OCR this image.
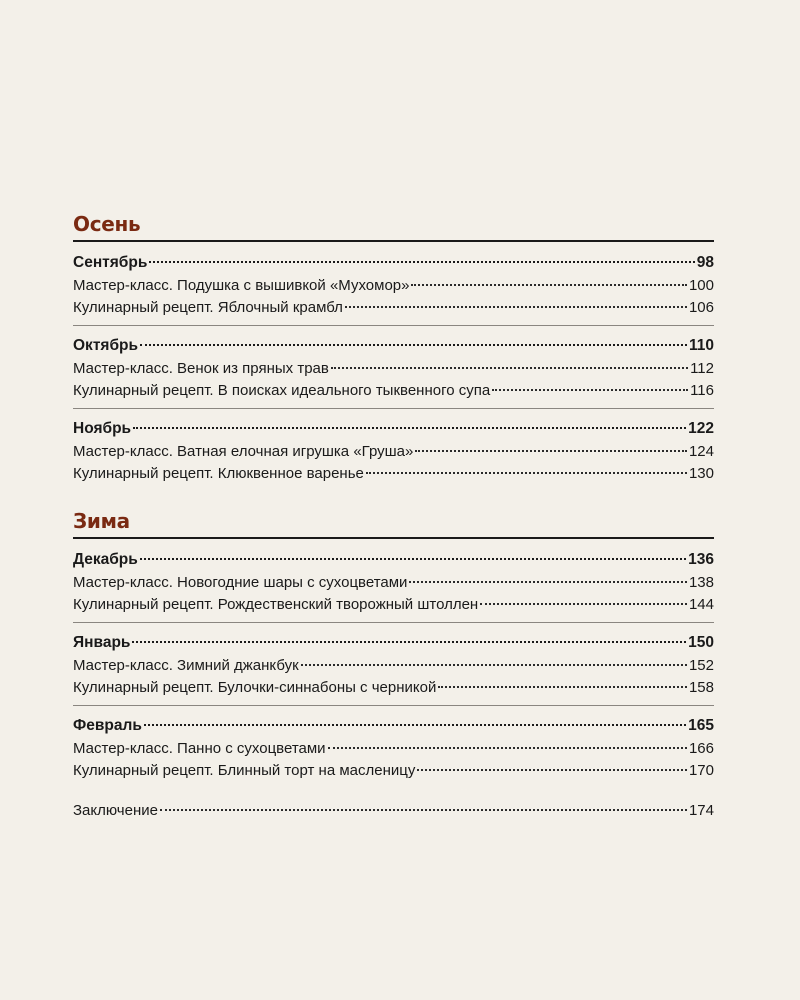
Осень
Сентябрь	98
Мастер-класс. Подушка с вышивкой «Мухомор»	100
Кулинарный рецепт. Яблочный крамбл	106
Октябрь	110
Мастер-класс. Венок из пряных трав	112
Кулинарный рецепт. В поисках идеального тыквенного супа	116
Ноябрь	122
Мастер-класс. Ватная елочная игрушка «Груша»	124
Кулинарный рецепт. Клюквенное варенье	130
Зима
Декабрь	136
Мастер-класс. Новогодние шары с сухоцветами	138
Кулинарный рецепт. Рождественский творожный штоллен	144
Январь	150
Мастер-класс. Зимний джанкбук	152
Кулинарный рецепт. Булочки-синнабоны с черникой	158
Февраль	165
Мастер-класс. Панно с сухоцветами	166
Кулинарный рецепт. Блинный торт на масленицу	170
Заключение	174
